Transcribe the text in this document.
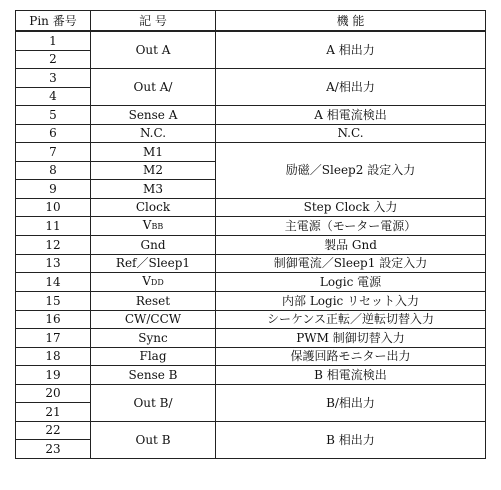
Pin 番号	記 号	機 能
1	Out A	A 相出力
2		
3	Out A/	A/相出力
4		
5	Sense A	A 相電流検出
6	N.C.	N.C.
7	M1	励磁／Sleep2 設定入力
8	M2	
9	M3	
10	Clock	Step Clock 入力
11	VBB	主電源（モーター電源）
12	Gnd	製品 Gnd
13	Ref／Sleep1	制御電流／Sleep1 設定入力
14	VDD	Logic 電源
15	Reset	内部 Logic リセット入力
16	CW/CCW	シーケンス正転／逆転切替入力
17	Sync	PWM 制御切替入力
18	Flag	保護回路モニター出力
19	Sense B	B 相電流検出
20	Out B/	B/相出力
21		
22	Out B	B 相出力
23		
